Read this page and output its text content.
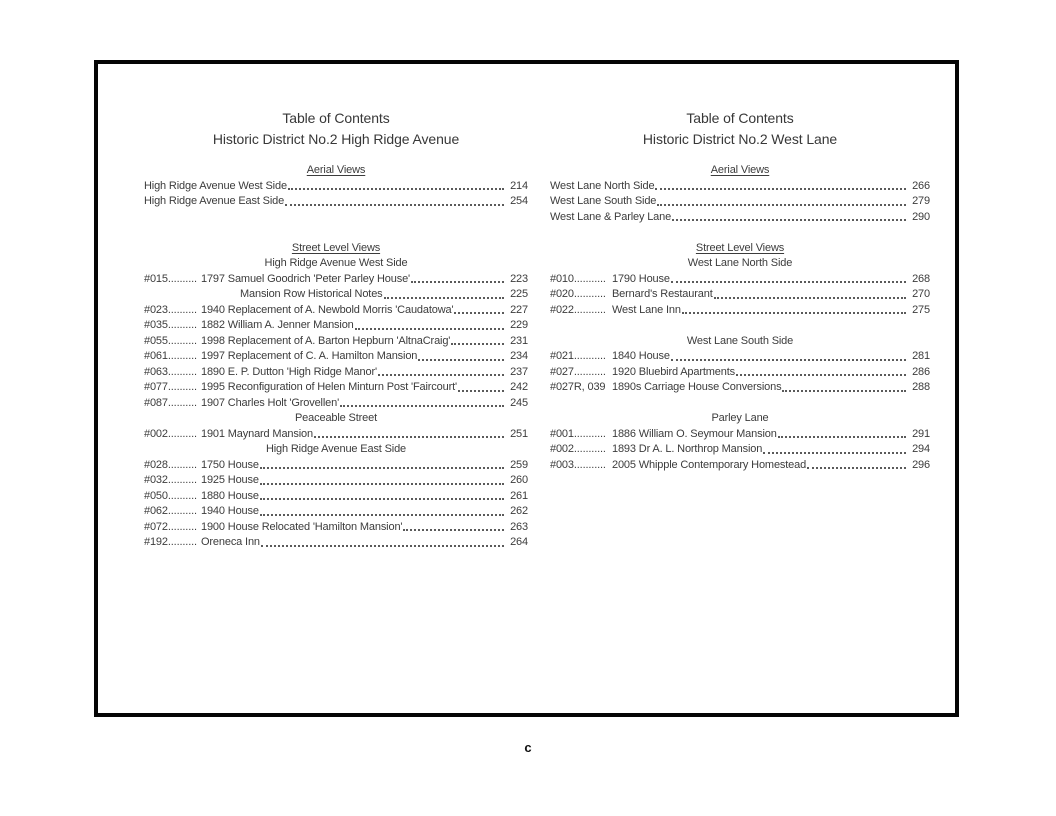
Table of Contents
Historic District No.2 High Ridge Avenue
Aerial Views
High Ridge Avenue West Side	214
High Ridge Avenue East Side	254
Street Level Views
High Ridge Avenue West Side
#015.......... 1797 Samuel Goodrich 'Peter Parley House'	223
Mansion Row Historical Notes	225
#023.......... 1940 Replacement of A. Newbold Morris 'Caudatowa'	227
#035.......... 1882 William A. Jenner Mansion	229
#055.......... 1998 Replacement of A. Barton Hepburn 'AltnaCraig'	231
#061.......... 1997 Replacement of C. A. Hamilton Mansion	234
#063.......... 1890 E. P. Dutton 'High Ridge Manor'	237
#077.......... 1995 Reconfiguration of Helen Minturn Post 'Faircourt'	242
#087.......... 1907 Charles Holt 'Grovellen'	245
Peaceable Street
#002.......... 1901 Maynard Mansion	251
High Ridge Avenue East Side
#028.......... 1750 House	259
#032.......... 1925 House	260
#050.......... 1880 House	261
#062.......... 1940 House	262
#072.......... 1900 House Relocated 'Hamilton Mansion'	263
#192.......... Oreneca Inn	264
Table of Contents
Historic District No.2 West Lane
Aerial Views
West Lane North Side	266
West Lane South Side	279
West Lane & Parley Lane	290
Street Level Views
West Lane North Side
#010........... 1790 House	268
#020........... Bernard's Restaurant	270
#022........... West Lane Inn	275
West Lane South Side
#021........... 1840 House	281
#027........... 1920 Bluebird Apartments	286
#027R, 039 1890s Carriage House Conversions	288
Parley Lane
#001........... 1886 William O. Seymour Mansion	291
#002........... 1893 Dr A. L. Northrop Mansion	294
#003........... 2005 Whipple Contemporary Homestead	296
c
